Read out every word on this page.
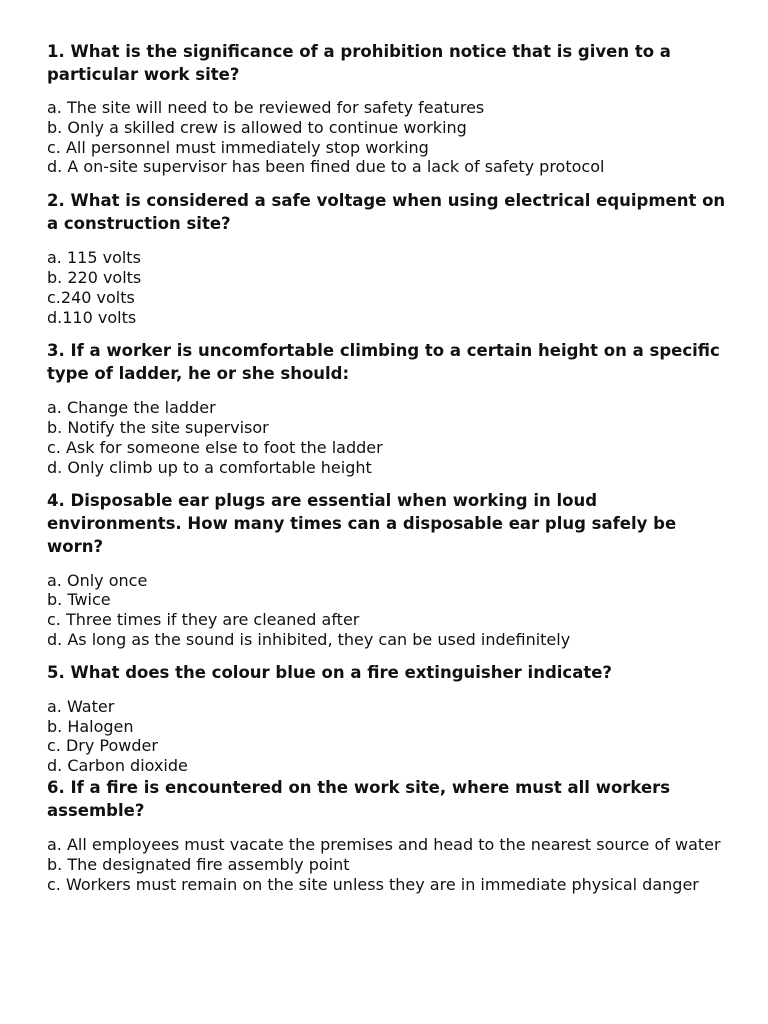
1. What is the significance of a prohibition notice that is given to a particular work site?

a. The site will need to be reviewed for safety features
b. Only a skilled crew is allowed to continue working
c. All personnel must immediately stop working
d. A on-site supervisor has been fined due to a lack of safety protocol

2. What is considered a safe voltage when using electrical equipment on a construction site?

a. 115 volts
b. 220 volts
c.240 volts
d.110 volts

3. If a worker is uncomfortable climbing to a certain height on a specific type of ladder, he or she should:

a. Change the ladder
b. Notify the site supervisor
c. Ask for someone else to foot the ladder
d. Only climb up to a comfortable height

4. Disposable ear plugs are essential when working in loud environments. How many times can a disposable ear plug safely be worn?

a. Only once
b. Twice
c. Three times if they are cleaned after
d. As long as the sound is inhibited, they can be used indefinitely

5. What does the colour blue on a fire extinguisher indicate?

a. Water
b. Halogen
c. Dry Powder
d. Carbon dioxide

6. If a fire is encountered on the work site, where must all workers assemble?

a. All employees must vacate the premises and head to the nearest source of water
b. The designated fire assembly point
c. Workers must remain on the site unless they are in immediate physical danger
